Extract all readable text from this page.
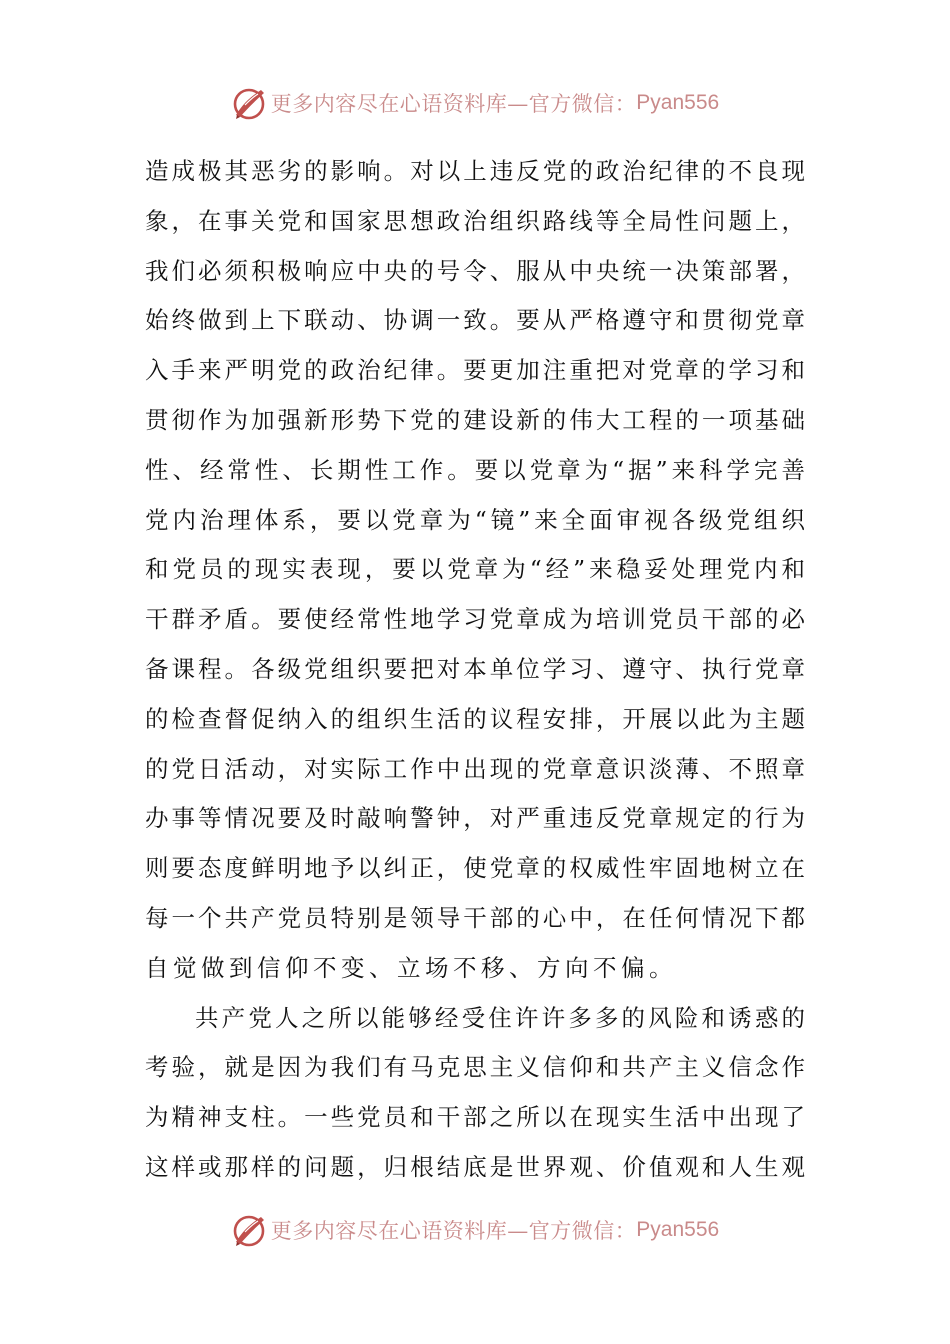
更多内容尽在心语资料库—官方微信： Pyan556
造成极其恶劣的影响。对以上违反党的政治纪律的不良现
象，在事关党和国家思想政治组织路线等全局性问题上，
我们必须积极响应中央的号令、服从中央统一决策部署，
始终做到上下联动、协调一致。要从严格遵守和贯彻党章
入手来严明党的政治纪律。要更加注重把对党章的学习和
贯彻作为加强新形势下党的建设新的伟大工程的一项基础
性、经常性、长期性工作。要以党章为“据”来科学完善
党内治理体系，要以党章为“镜”来全面审视各级党组织
和党员的现实表现，要以党章为“经”来稳妥处理党内和
干群矛盾。要使经常性地学习党章成为培训党员干部的必
备课程。各级党组织要把对本单位学习、遵守、执行党章
的检查督促纳入的组织生活的议程安排，开展以此为主题
的党日活动，对实际工作中出现的党章意识淡薄、不照章
办事等情况要及时敲响警钟，对严重违反党章规定的行为
则要态度鲜明地予以纠正，使党章的权威性牢固地树立在
每一个共产党员特别是领导干部的心中，在任何情况下都
自觉做到信仰不变、立场不移、方向不偏。
共产党人之所以能够经受住许许多多的风险和诱惑的
考验，就是因为我们有马克思主义信仰和共产主义信念作
为精神支柱。一些党员和干部之所以在现实生活中出现了
这样或那样的问题，归根结底是世界观、价值观和人生观
更多内容尽在心语资料库—官方微信： Pyan556
